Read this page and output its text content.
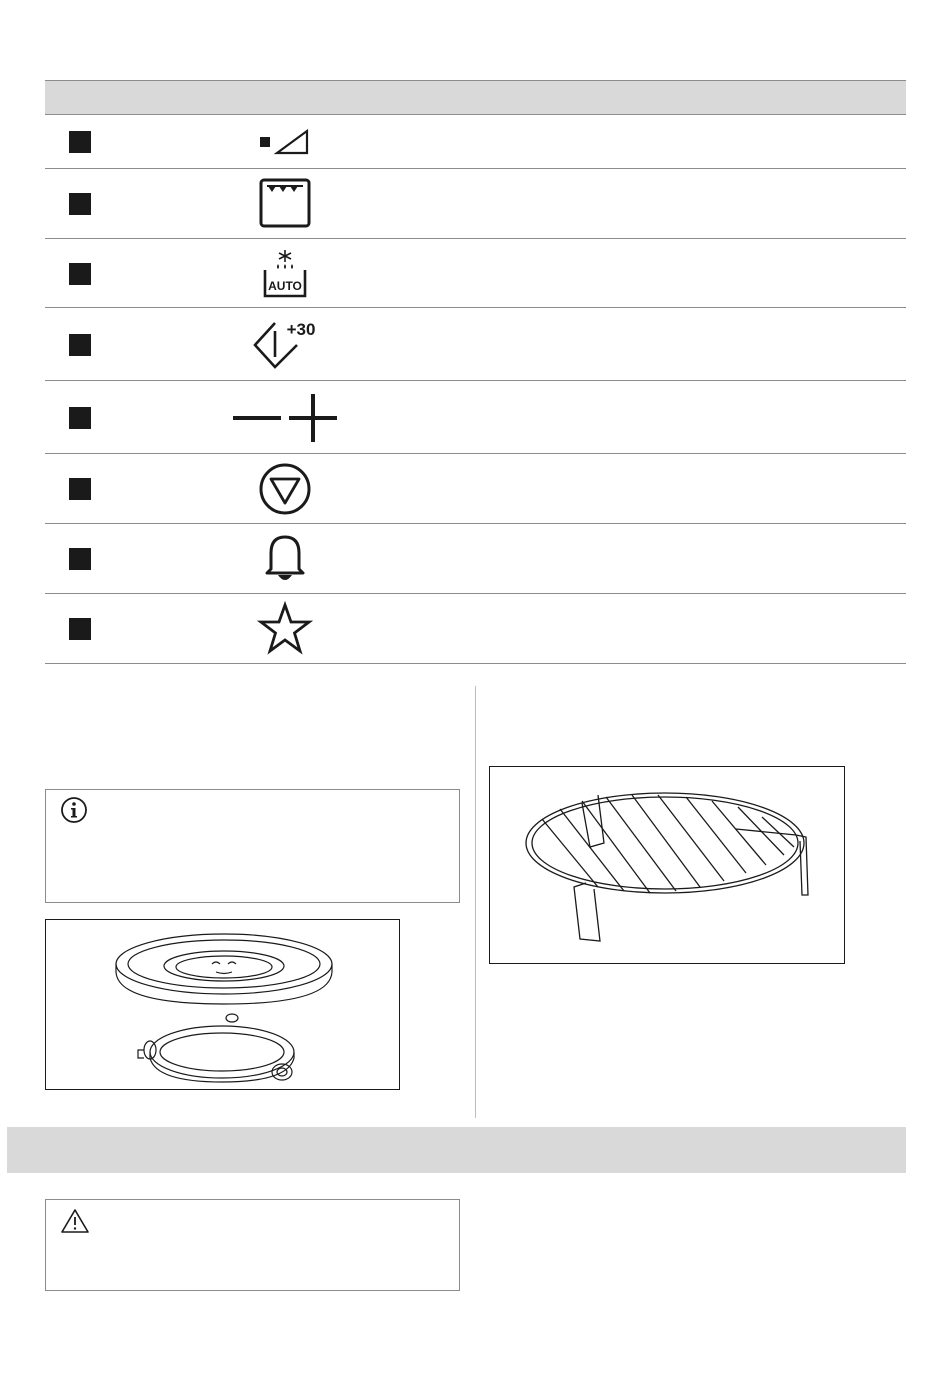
AUTO
+30
